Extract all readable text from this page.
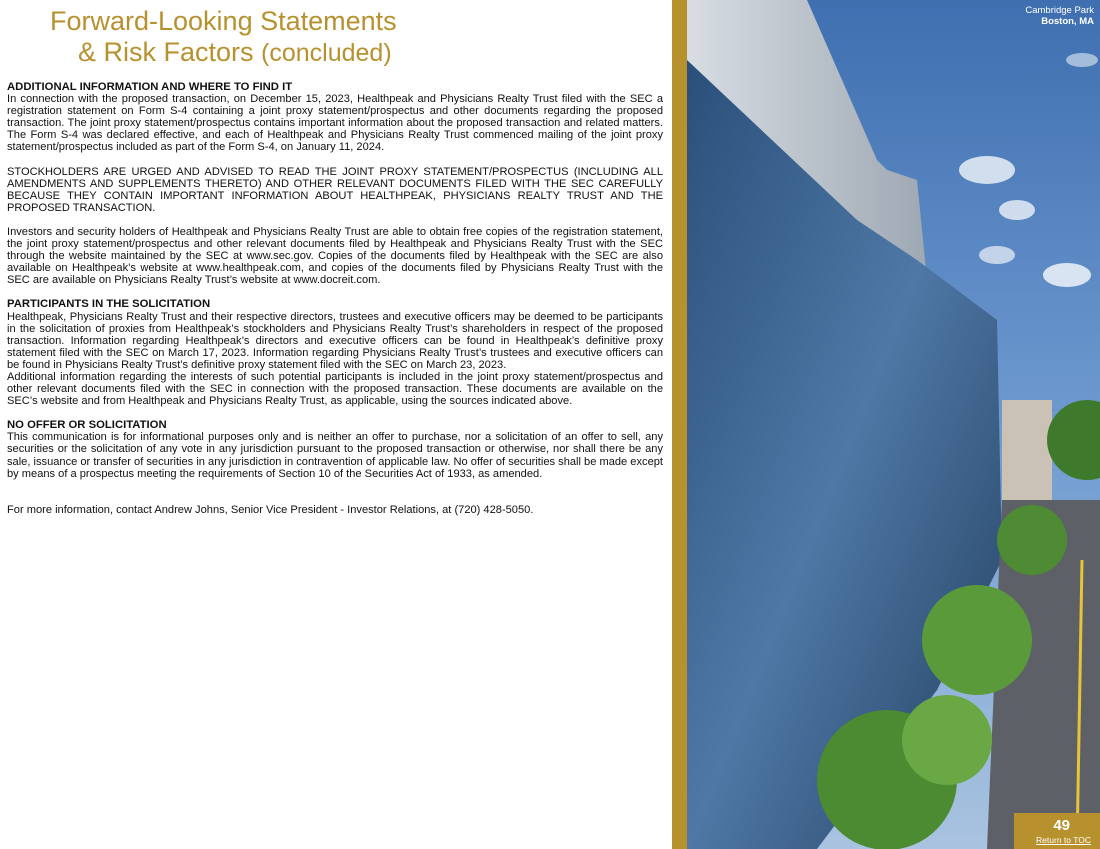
Forward-Looking Statements
& Risk Factors (concluded)

ADDITIONAL INFORMATION AND WHERE TO FIND IT

In connection with the proposed transaction, on December 15, 2023, Healthpeak and Physicians Realty Trust filed with the SEC a registration statement on Form S-4 containing a joint proxy statement/prospectus and other documents regarding the proposed transaction. The joint proxy statement/prospectus contains important information about the proposed transaction and related matters. The Form S-4 was declared effective, and each of Healthpeak and Physicians Realty Trust commenced mailing of the joint proxy statement/prospectus included as part of the Form S-4, on January 11, 2024.

STOCKHOLDERS ARE URGED AND ADVISED TO READ THE JOINT PROXY STATEMENT/PROSPECTUS (INCLUDING ALL AMENDMENTS AND SUPPLEMENTS THERETO) AND OTHER RELEVANT DOCUMENTS FILED WITH THE SEC CAREFULLY BECAUSE THEY CONTAIN IMPORTANT INFORMATION ABOUT HEALTHPEAK, PHYSICIANS REALTY TRUST AND THE PROPOSED TRANSACTION.

Investors and security holders of Healthpeak and Physicians Realty Trust are able to obtain free copies of the registration statement, the joint proxy statement/prospectus and other relevant documents filed by Healthpeak and Physicians Realty Trust with the SEC through the website maintained by the SEC at www.sec.gov. Copies of the documents filed by Healthpeak with the SEC are also available on Healthpeak’s website at www.healthpeak.com, and copies of the documents filed by Physicians Realty Trust with the SEC are available on Physicians Realty Trust’s website at www.docreit.com.

PARTICIPANTS IN THE SOLICITATION

Healthpeak, Physicians Realty Trust and their respective directors, trustees and executive officers may be deemed to be participants in the solicitation of proxies from Healthpeak’s stockholders and Physicians Realty Trust’s shareholders in respect of the proposed transaction. Information regarding Healthpeak’s directors and executive officers can be found in Healthpeak’s definitive proxy statement filed with the SEC on March 17, 2023. Information regarding Physicians Realty Trust’s trustees and executive officers can be found in Physicians Realty Trust’s definitive proxy statement filed with the SEC on March 23, 2023.

Additional information regarding the interests of such potential participants is included in the joint proxy statement/prospectus and other relevant documents filed with the SEC in connection with the proposed transaction. These documents are available on the SEC’s website and from Healthpeak and Physicians Realty Trust, as applicable, using the sources indicated above.

NO OFFER OR SOLICITATION

This communication is for informational purposes only and is neither an offer to purchase, nor a solicitation of an offer to sell, any securities or the solicitation of any vote in any jurisdiction pursuant to the proposed transaction or otherwise, nor shall there be any sale, issuance or transfer of securities in any jurisdiction in contravention of applicable law. No offer of securities shall be made except by means of a prospectus meeting the requirements of Section 10 of the Securities Act of 1933, as amended.

For more information, contact Andrew Johns, Senior Vice President - Investor Relations, at (720) 428-5050.

Cambridge Park
Boston, MA
49
Return to TOC
